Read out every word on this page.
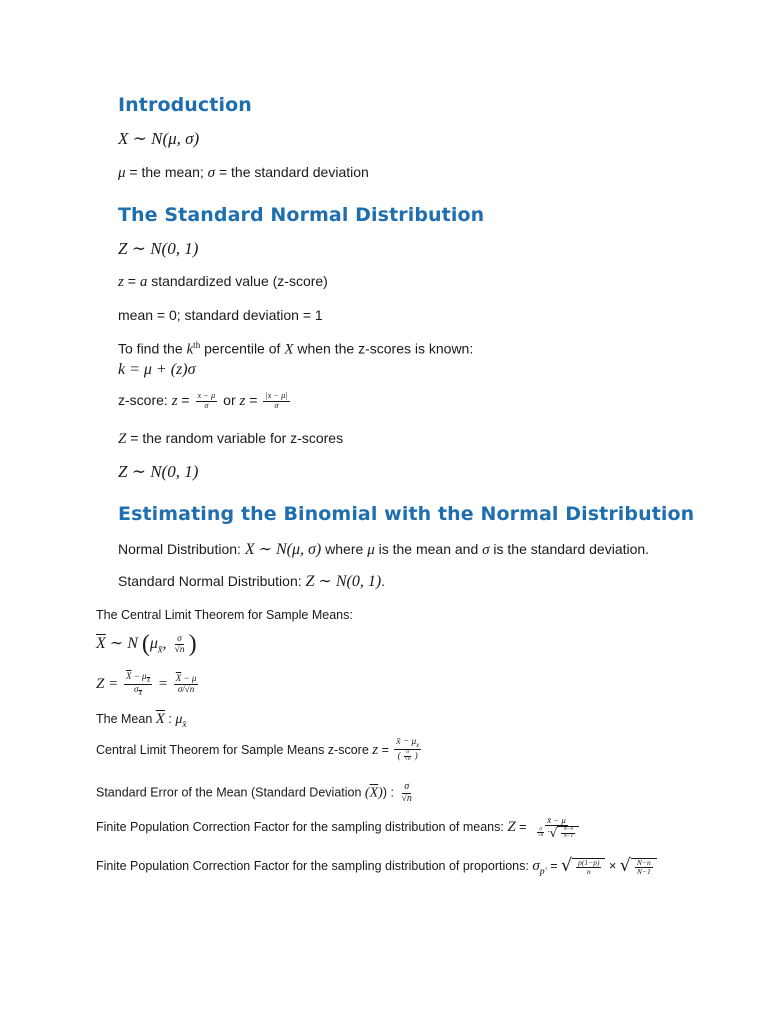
Introduction
X ∼ N(μ, σ)
μ = the mean; σ = the standard deviation
The Standard Normal Distribution
Z ∼ N(0, 1)
z = a standardized value (z-score)
mean = 0; standard deviation = 1
To find the $k^{th}$ percentile of X when the z-scores is known:
k = μ + (z)σ
z-score: $z = \frac{x - \mu}{\sigma}$ or $z = \frac{|x - \mu|}{\sigma}$
Z = the random variable for z-scores
Z ∼ N(0, 1)
Estimating the Binomial with the Normal Distribution
Normal Distribution: X ∼ N(μ, σ) where μ is the mean and σ is the standard deviation.
Standard Normal Distribution: Z ∼ N(0, 1).
The Central Limit Theorem for Sample Means:
$\overline{X}$ ∼ N ($\mu_{x̄}$, $\frac{\sigma}{√n}$ )
$Z = \frac{\overline{X} - \mu_{\overline{X}}}{\sigma_{\overline{X}}} = \frac{\overline{X} - \mu}{\sigma/√n}$
The Mean $\overline{X}$ : $\mu_{x̄}$
Central Limit Theorem for Sample Means z-score $z = \frac{x̄ - \mu_{x̄}}{( \frac{\sigma}{√n} )}$
Standard Error of the Mean (Standard Deviation $(\overline{X})$) : $\frac{\sigma}{√n}$
Finite Population Correction Factor for the sampling distribution of means: $Z = \frac{x̄ - \mu}{\frac{\sigma}{√n} \cdot √ \frac{N-n}{N-1}}$
Finite Population Correction Factor for the sampling distribution of proportions: $\sigma_{p'}$ = √ $\frac{p(1-p)}{n}$ × √ $\frac{N-n}{N-1}$
